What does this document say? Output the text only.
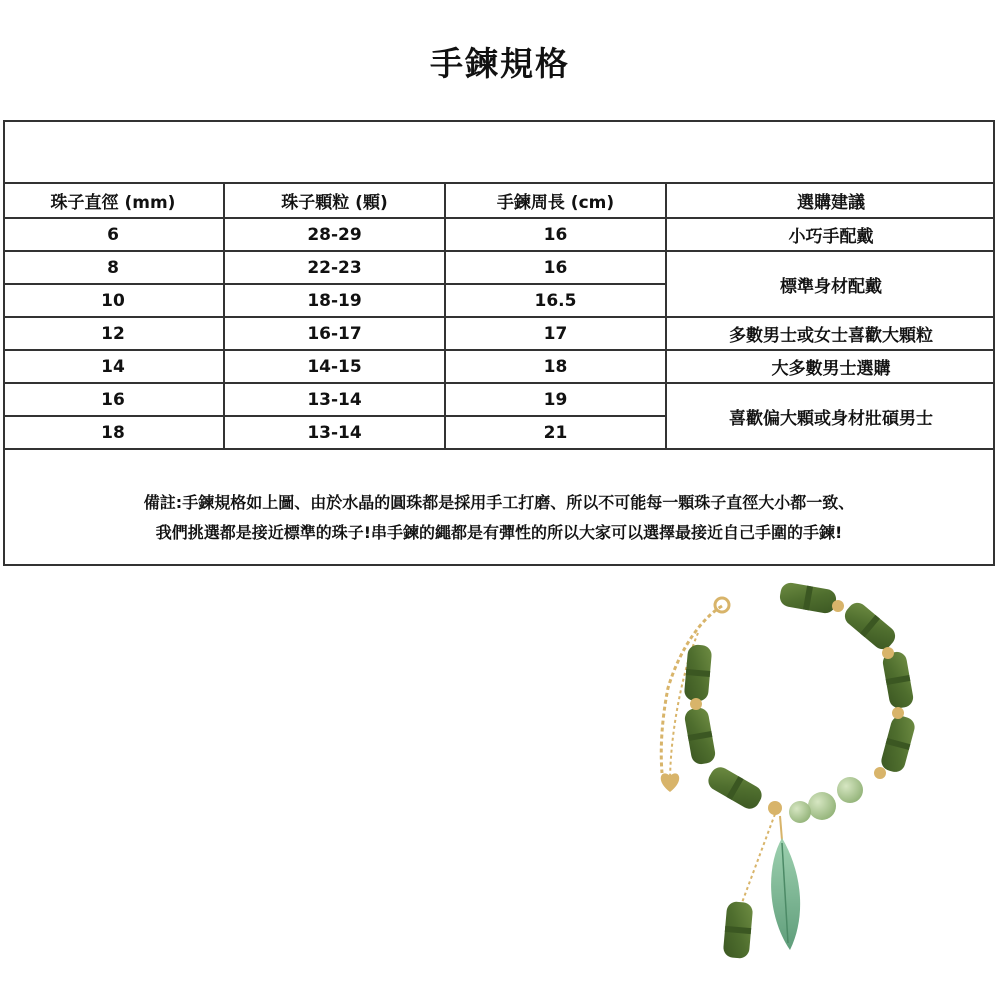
手鍊規格
珠子直徑 (mm)	珠子顆粒 (顆)	手鍊周長 (cm)	選購建議
6	28-29	16	小巧手配戴
8	22-23	16	標準身材配戴
10	18-19	16.5	
12	16-17	17	多數男士或女士喜歡大顆粒
14	14-15	18	大多數男士選購
16	13-14	19	喜歡偏大顆或身材壯碩男士
18	13-14	21	
備註:手鍊規格如上圖、由於水晶的圓珠都是採用手工打磨、所以不可能每一顆珠子直徑大小都一致、
我們挑選都是接近標準的珠子!串手鍊的繩都是有彈性的所以大家可以選擇最接近自己手圍的手鍊!
